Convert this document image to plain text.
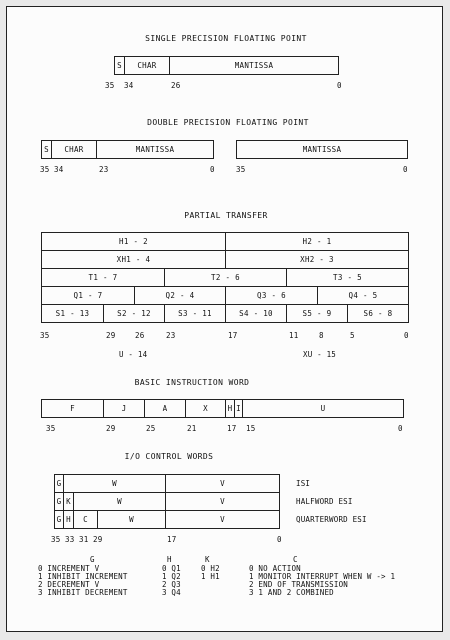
SINGLE PRECISION FLOATING POINT
S	CHAR	MANTISSA
35 34	26	0
DOUBLE PRECISION FLOATING POINT
S	CHAR	MANTISSA	MANTISSA
35 34	23	0	35	0
PARTIAL TRANSFER
H1 - 2	H2 - 1
XH1 - 4	XH2 - 3
T1 - 7	T2 - 6	T3 - 5
Q1 - 7	Q2 - 4	Q3 - 6	Q4 - 5
S1 - 13	S2 - 12	S3 - 11	S4 - 10	S5 - 9	S6 - 8
35	29	26	23	17	11	8	5	0
U - 14	XU - 15
BASIC INSTRUCTION WORD
F	J	A	X	H I	U
35	29	25	21	17 15	0
I/O CONTROL WORDS
G	W	V	ISI
G K	W	V	HALFWORD ESI
G H	C	W	V	QUARTERWORD ESI
35 33 31 29	17	0
G
0 INCREMENT V
1 INHIBIT INCREMENT
2 DECREMENT V
3 INHIBIT DECREMENT
H
0 Q1
1 Q2
2 Q3
3 Q4
K
0 H2
1 H1
C
0 NO ACTION
1 MONITOR INTERRUPT WHEN W -> 1
2 END OF TRANSMISSION
3 1 AND 2 COMBINED
